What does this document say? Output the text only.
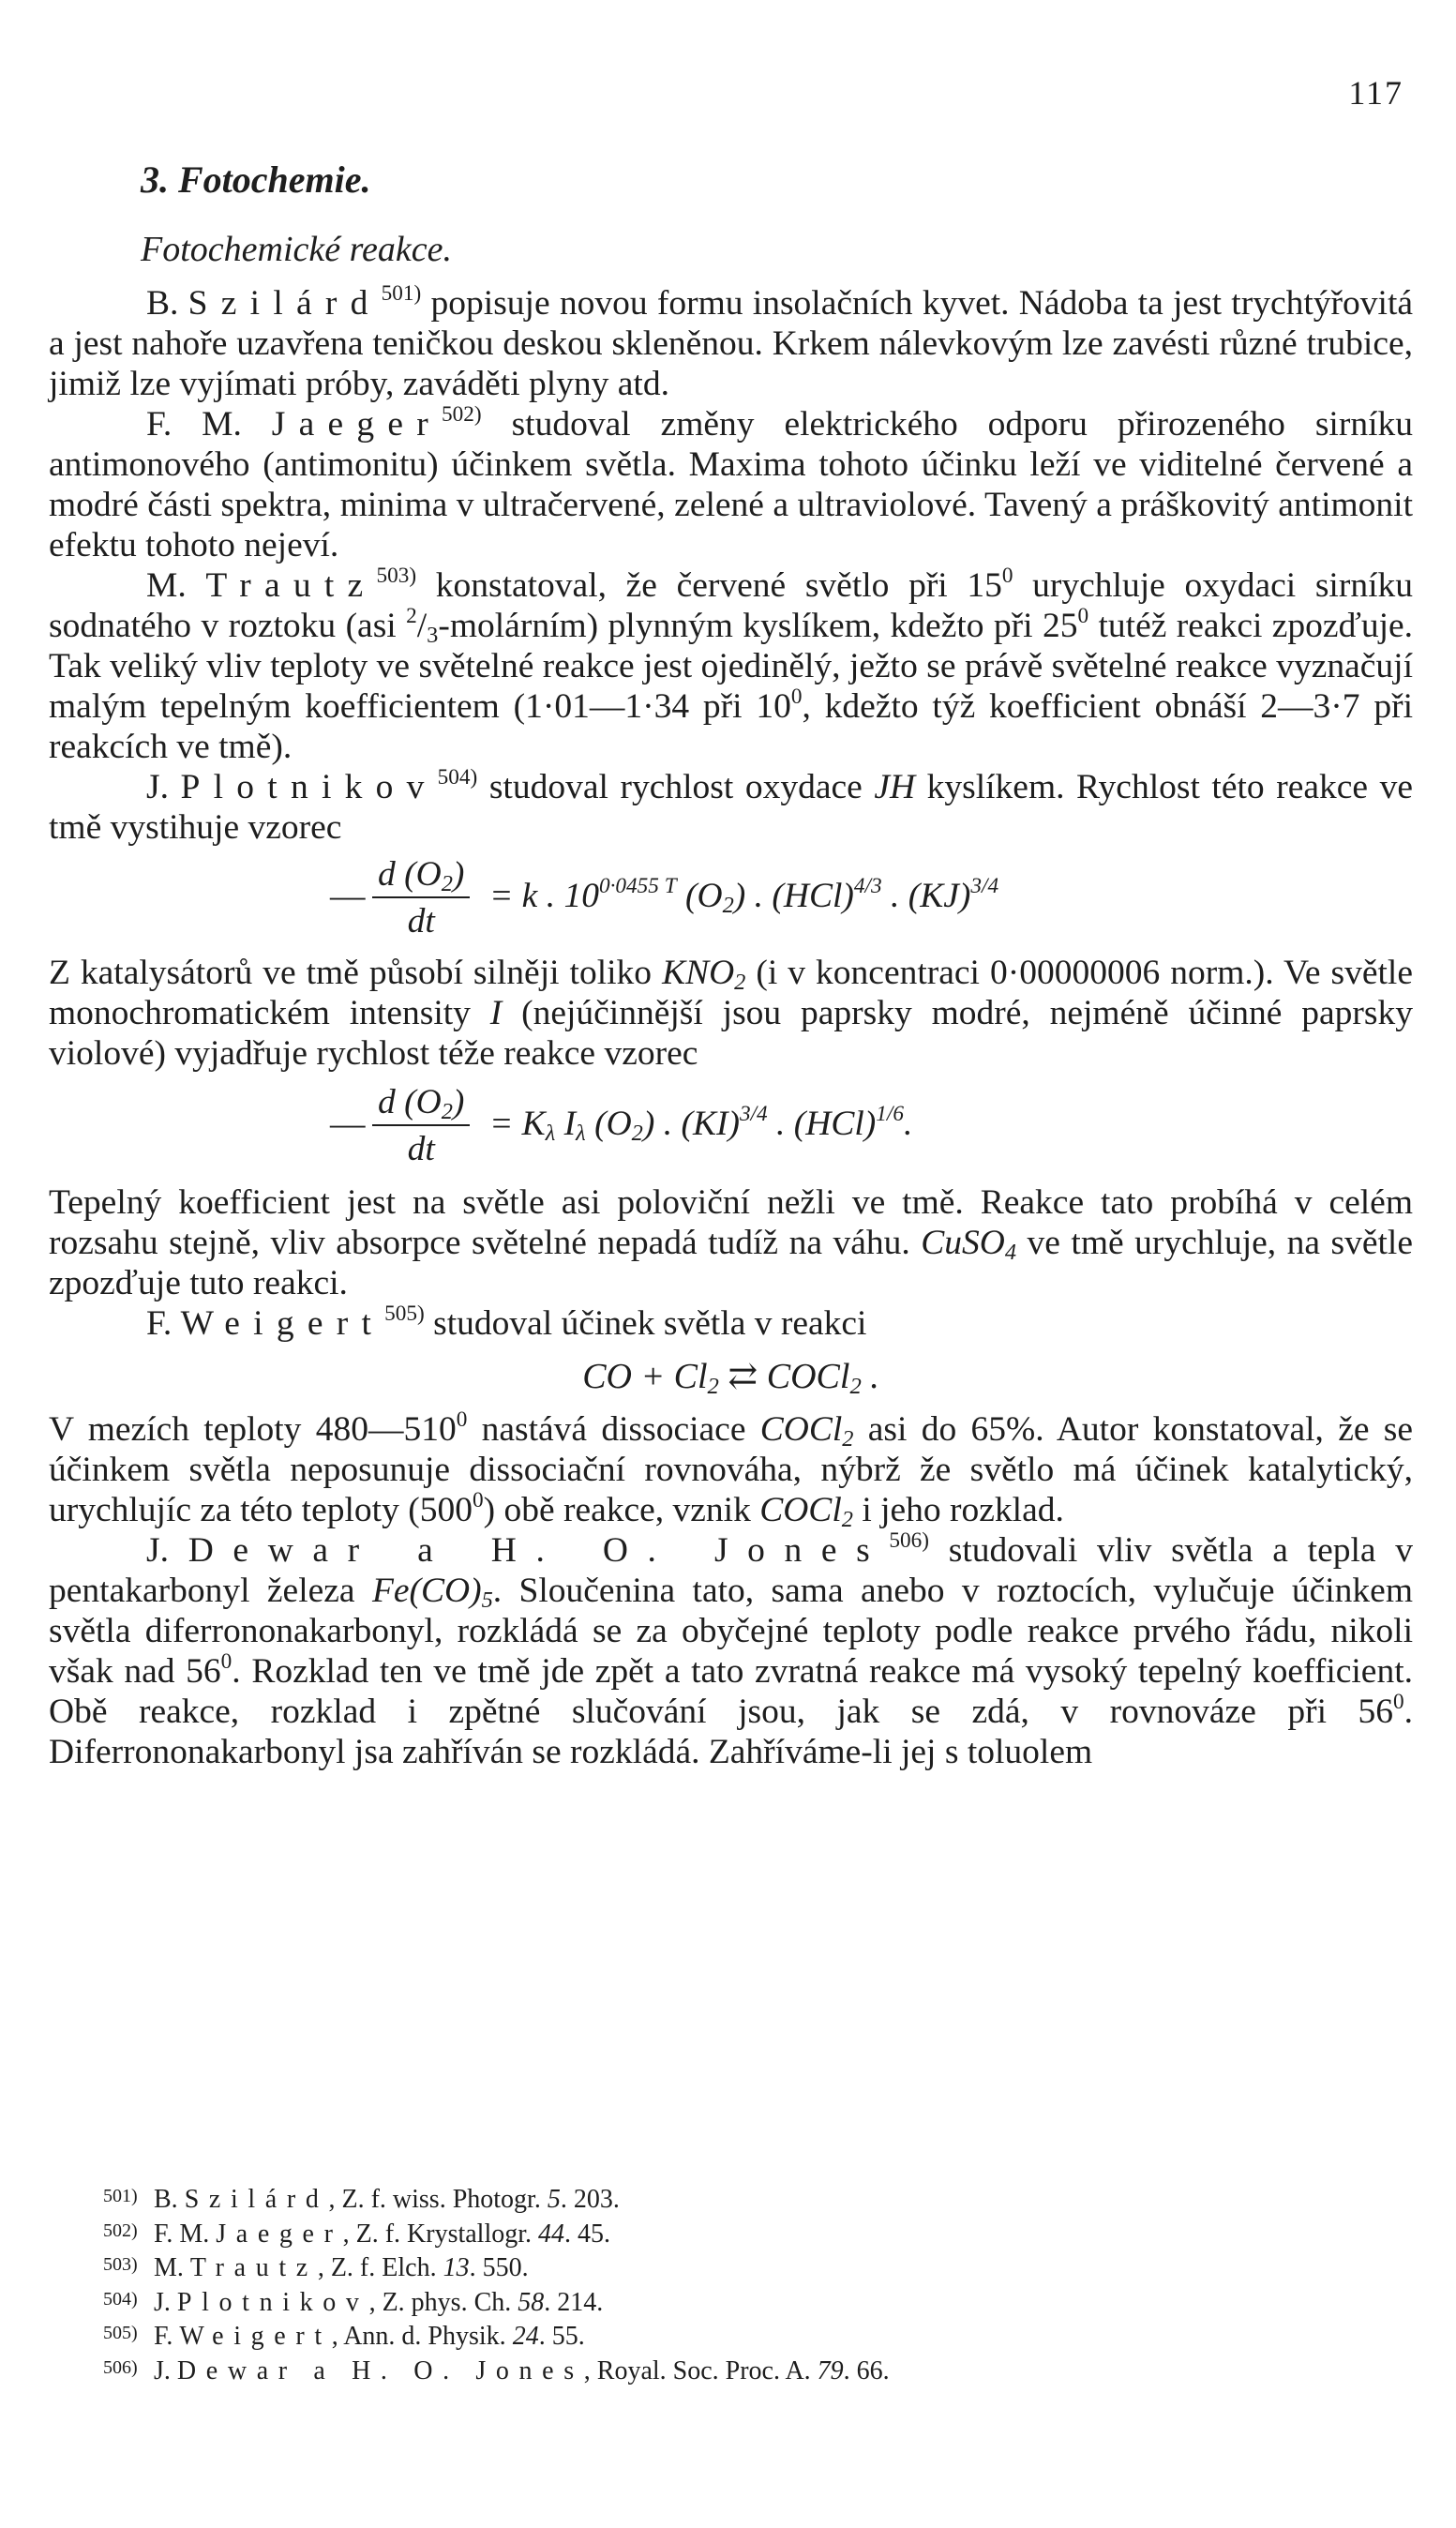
117
3. Fotochemie.
Fotochemické reakce.

B. Szilárd$^{501)}$ popisuje novou formu insolačních kyvet. Nádoba ta jest trychtýřovitá a jest nahoře uzavřena teničkou deskou skleněnou. Krkem nálevkovým lze zavésti různé trubice, jimiž lze vyjímati próby, zaváděti plyny atd.

F. M. Jaeger$^{502)}$ studoval změny elektrického odporu přirozeného sirníku antimonového (antimonitu) účinkem světla. Maxima tohoto účinku leží ve viditelné červené a modré části spektra, minima v ultračervené, zelené a ultraviolové. Tavený a práškovitý antimonit efektu tohoto nejeví.

M. Trautz$^{503)}$ konstatoval, že červené světlo při $15^0$ urychluje oxydaci sirníku sodnatého v roztoku (asi $^2/_3-molárním$) plynným kyslíkem, kdežto při $25^0$ tutéž reakci zpozďuje. Tak veliký vliv teploty ve světelné reakce jest ojedinělý, ježto se právě světelné reakce vyznačují malým tepelným koefficientem (1·01—1·34 při $10^0$, kdežto týž koefficient obnáší 2—3·7 při reakcích ve tmě).

J. Plotnikov$^{504)}$ studoval rychlost oxydace JH kyslíkem. Rychlost této reakce ve tmě vystihuje vzorec

— $\frac{d (O_2)}{dt} = k$ . $10^{0\cdot 0455 T}$ $(O_2)$ . (HCl)$^{4/3}$ . (KJ)$^{3/4}$

Z katalysátorů ve tmě působí silněji toliko $KNO_2$ (i v koncentraci 0·00000006 norm.). Ve světle monochromatickém intensity I (nejúčinnější jsou paprsky modré, nejméně účinné paprsky violové) vyjadřuje rychlost téže reakce vzorec

— $\frac{d (O_2)}{dt} = K_\lambda$ $I_\lambda$ $(O_2)$ . (KI)$^{3/4}$ . (HCl)$^{1/6}$.

Tepelný koefficient jest na světle asi poloviční nežli ve tmě. Reakce tato probíhá v celém rozsahu stejně, vliv absorpce světelné nepadá tudíž na váhu. CuSO$_4$ ve tmě urychluje, na světle zpozďuje tuto reakci.

F. Weigert$^{505)}$ studoval účinek světla v reakci

CO + $Cl_2$ ⇄ COCl$_2$ .

V mezích teploty $480—510^0$ nastává dissociace COCl$_2$ asi do 65%. Autor konstatoval, že se účinkem světla neposunuje dissociační rovnováha, nýbrž že světlo má účinek katalytický, urychlujíc za této teploty $(500^0)$ obě reakce, vznik COCl$_2$ i jeho rozklad.

J. Dewar a H. O. Jones$^{506)}$ studovali vliv světla a tepla v pentakarbonyl železa $Fe(CO)_5$. Sloučenina tato, sama anebo v roztocích, vylučuje účinkem světla diferrononakarbonyl, rozkládá se za obyčejné teploty podle reakce prvého řádu, nikoli však nad $56^0$. Rozklad ten ve tmě jde zpět a tato zvratná reakce má vysoký tepelný koefficient. Obě reakce, rozklad i zpětné slučování jsou, jak se zdá, v rovnováze při $56^0$. Diferrononakarbonyl jsa zahříván se rozkládá. Zahříváme-li jej s toluolem

501) B. Szilárd, Z. f. wiss. Photogr. 5. 203.
502) F. M. Jaeger, Z. f. Krystallogr. 44. 45.
503) M. Trautz, Z. f. Elch. 13. 550.
504) J. Plotnikov, Z. phys. Ch. 58. 214.
505) F. Weigert, Ann. d. Physik. 24. 55.
506) J. Dewar a H. O. Jones, Royal. Soc. Proc. A. 79. 66.
